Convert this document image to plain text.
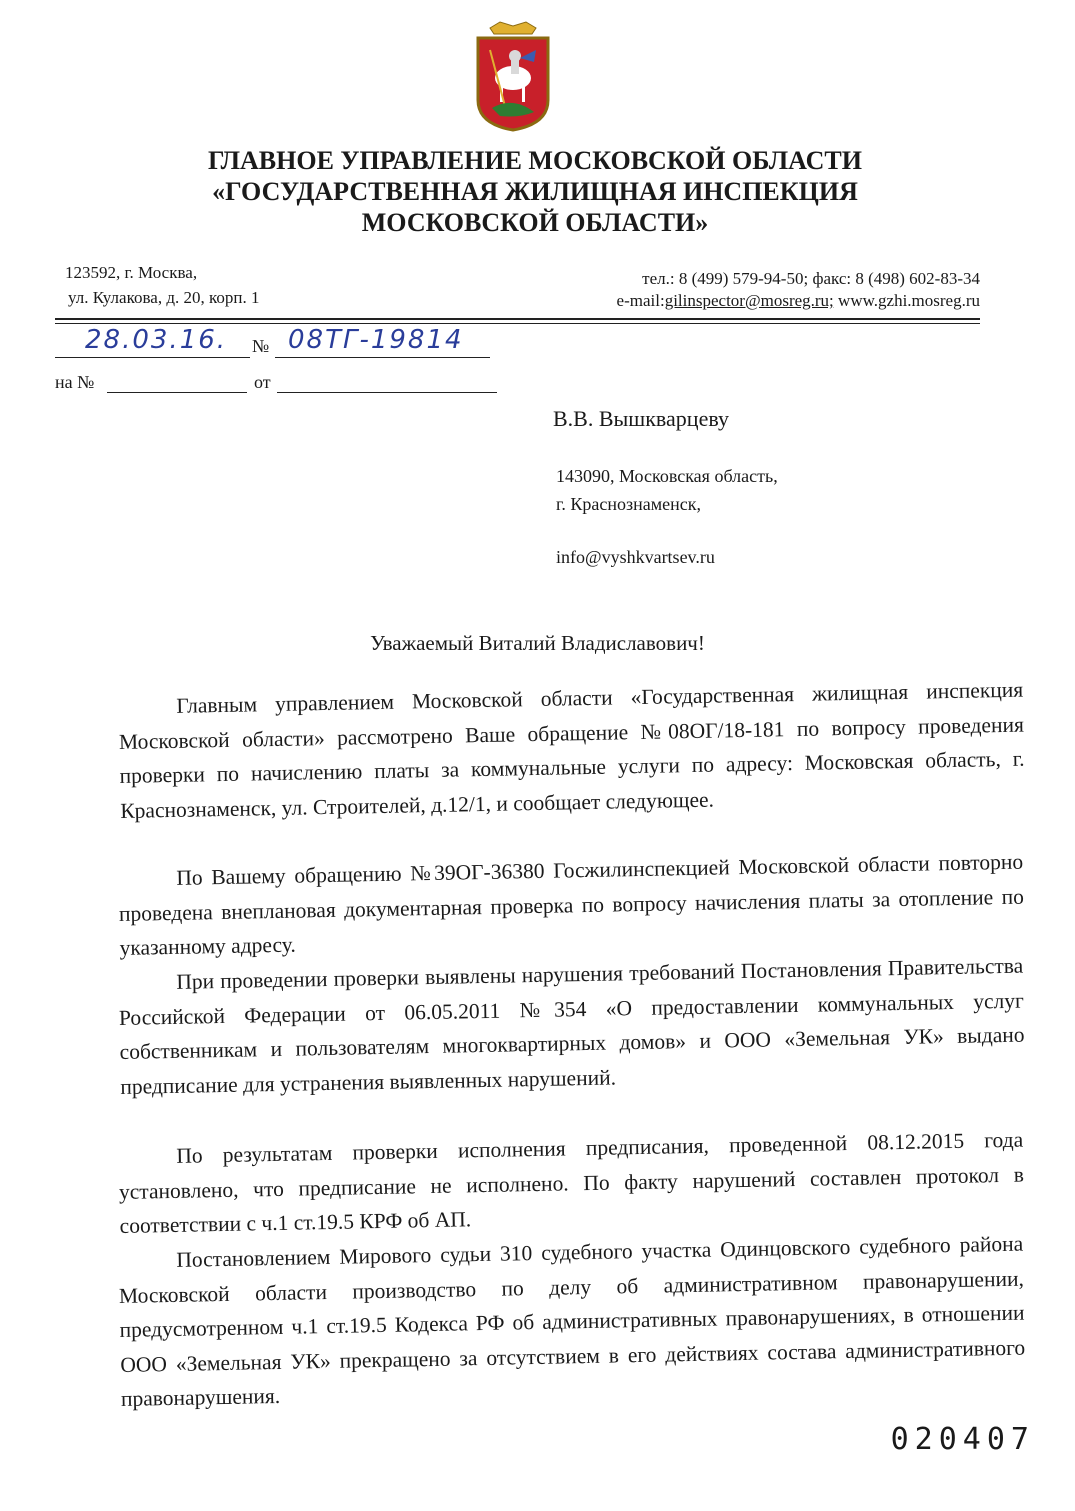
ГЛАВНОЕ УПРАВЛЕНИЕ МОСКОВСКОЙ ОБЛАСТИ
«ГОСУДАРСТВЕННАЯ ЖИЛИЩНАЯ ИНСПЕКЦИЯ
МОСКОВСКОЙ ОБЛАСТИ»
123592, г. Москва,
ул. Кулакова, д. 20, корп. 1
тел.: 8 (499) 579-94-50; факс: 8 (498) 602-83-34
e-mail:gilinspector@mosreg.ru; www.gzhi.mosreg.ru
28.03.16. № 08ТГ-19814
на №	от
В.В. Вышкварцеву
143090, Московская область,
г. Краснознаменск,
info@vyshkvartsev.ru
Уважаемый Виталий Владиславович!
Главным управлением Московской области «Государственная жилищная инспекция Московской области» рассмотрено Ваше обращение №08ОГ/18-181 по вопросу проведения проверки по начислению платы за коммунальные услуги по адресу: Московская область, г. Краснознаменск, ул. Строителей, д.12/1, и сообщает следующее.
По Вашему обращению №39ОГ-36380 Госжилинспекцией Московской области повторно проведена внеплановая документарная проверка по вопросу начисления платы за отопление по указанному адресу.
При проведении проверки выявлены нарушения требований Постановления Правительства Российской Федерации от 06.05.2011 №354 «О предоставлении коммунальных услуг собственникам и пользователям многоквартирных домов» и ООО «Земельная УК» выдано предписание для устранения выявленных нарушений.
По результатам проверки исполнения предписания, проведенной 08.12.2015 года установлено, что предписание не исполнено. По факту нарушений составлен протокол в соответствии с ч.1 ст.19.5 КРФ об АП.
Постановлением Мирового судьи 310 судебного участка Одинцовского судебного района Московской области производство по делу об административном правонарушении, предусмотренном ч.1 ст.19.5 Кодекса РФ об административных правонарушениях, в отношении ООО «Земельная УК» прекращено за отсутствием в его действиях состава административного правонарушения.
020407
